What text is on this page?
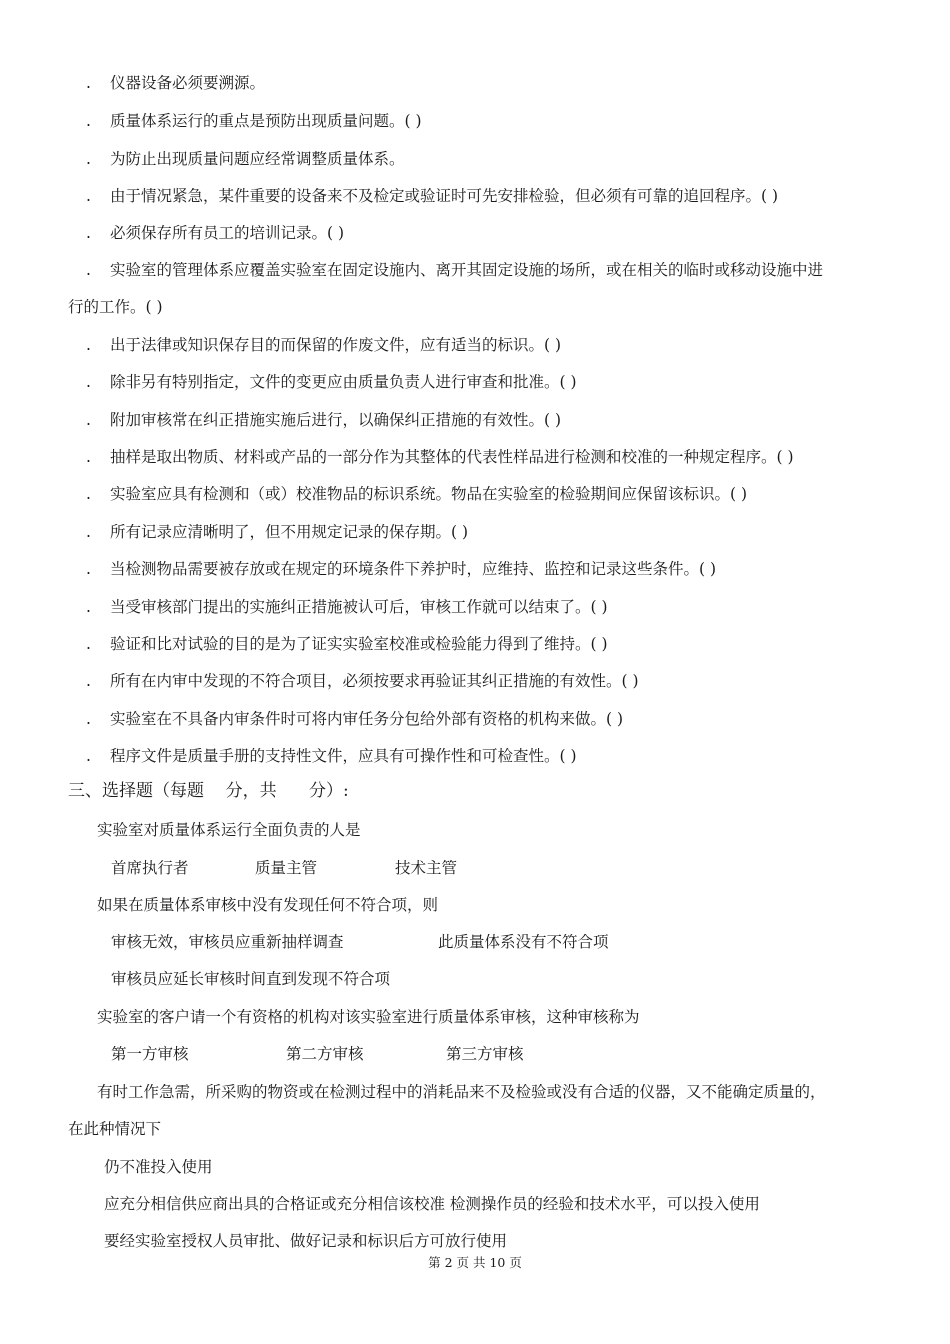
. 仪器设备必须要溯源。
. 质量体系运行的重点是预防出现质量问题。( )
. 为防止出现质量问题应经常调整质量体系。
. 由于情况紧急，某件重要的设备来不及检定或验证时可先安排检验，但必须有可靠的追回程序。( )
. 必须保存所有员工的培训记录。( )
. 实验室的管理体系应覆盖实验室在固定设施内、离开其固定设施的场所，或在相关的临时或移动设施中进
行的工作。( )
. 出于法律或知识保存目的而保留的作废文件，应有适当的标识。( )
. 除非另有特别指定，文件的变更应由质量负责人进行审查和批准。( )
. 附加审核常在纠正措施实施后进行，以确保纠正措施的有效性。( )
. 抽样是取出物质、材料或产品的一部分作为其整体的代表性样品进行检测和校准的一种规定程序。( )
. 实验室应具有检测和（或）校准物品的标识系统。物品在实验室的检验期间应保留该标识。( )
. 所有记录应清晰明了，但不用规定记录的保存期。( )
. 当检测物品需要被存放或在规定的环境条件下养护时，应维持、监控和记录这些条件。( )
. 当受审核部门提出的实施纠正措施被认可后，审核工作就可以结束了。( )
. 验证和比对试验的目的是为了证实实验室校准或检验能力得到了维持。( )
. 所有在内审中发现的不符合项目，必须按要求再验证其纠正措施的有效性。( )
. 实验室在不具备内审条件时可将内审任务分包给外部有资格的机构来做。( )
. 程序文件是质量手册的支持性文件，应具有可操作性和可检查性。( )
三、选择题（每题    分，共      分）:
实验室对质量体系运行全面负责的人是
首席执行者	质量主管	技术主管
如果在质量体系审核中没有发现任何不符合项，则
审核无效，审核员应重新抽样调查	此质量体系没有不符合项
审核员应延长审核时间直到发现不符合项
实验室的客户请一个有资格的机构对该实验室进行质量体系审核，这种审核称为
第一方审核	第二方审核	第三方审核
有时工作急需，所采购的物资或在检测过程中的消耗品来不及检验或没有合适的仪器，又不能确定质量的，
在此种情况下
仍不准投入使用
应充分相信供应商出具的合格证或充分相信该校准 检测操作员的经验和技术水平，可以投入使用
要经实验室授权人员审批、做好记录和标识后方可放行使用
第 2 页 共 10 页
